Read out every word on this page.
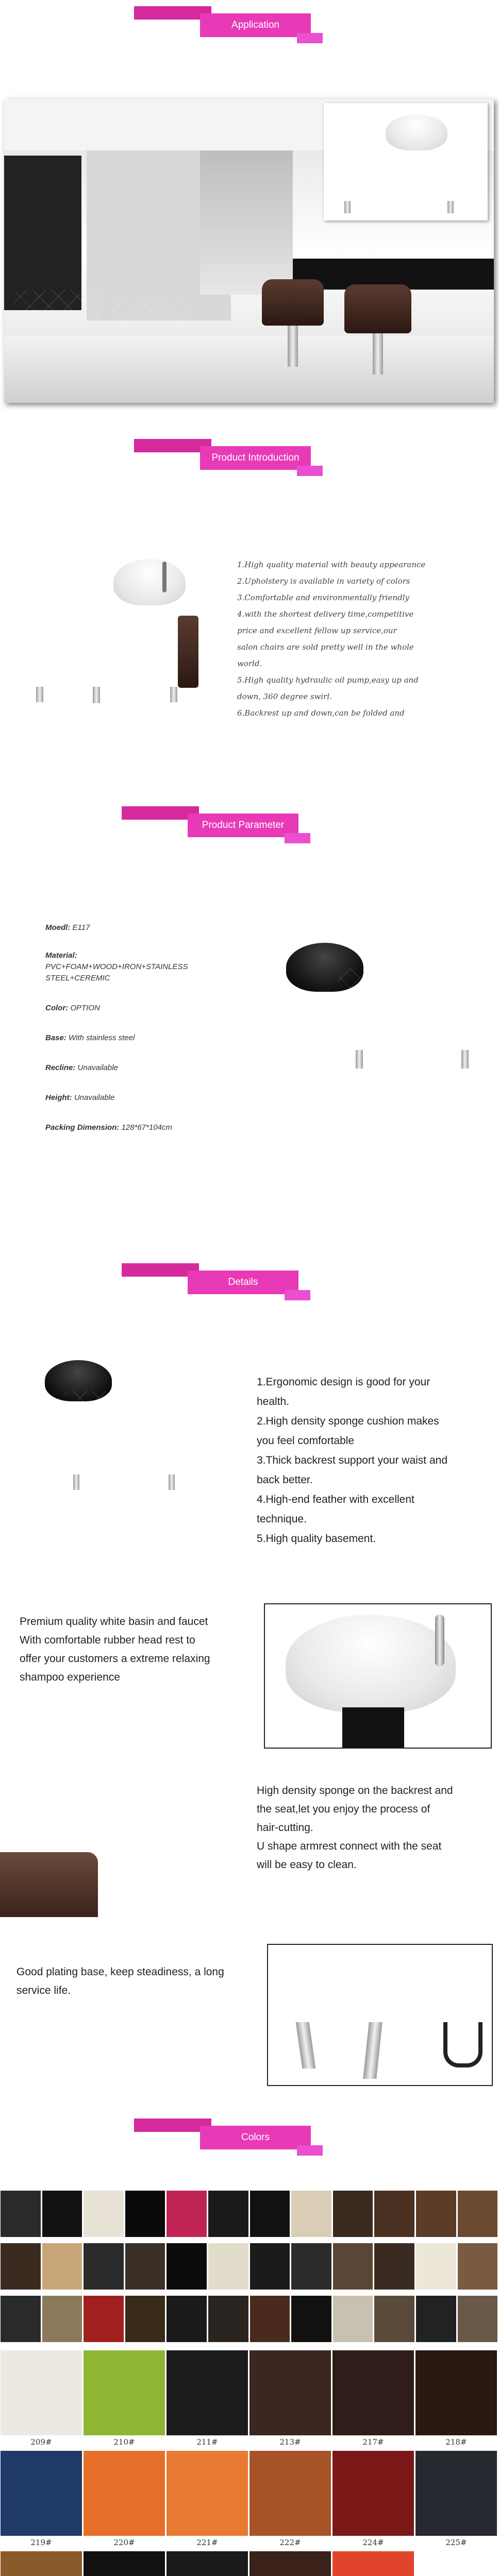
Application
Product Introduction
1.High quality material with beauty appearance
2.Upholstery is available in variety of colors
3.Comfortable and environmentally friendly
4.with the shortest delivery time,competitive
price and excellent fellow up service,our
salon chairs are sold pretty well in the whole
world.
5.High quality hydraulic oil pump,easy up and
down, 360 degree swirl.
6.Backrest up and down,can be folded and
Product Parameter
Moedl: E117
Material:
PVC+FOAM+WOOD+IRON+STAINLESS
STEEL+CEREMIC
Color: OPTION
Base: With stainless steel
Recline: Unavailable
Height: Unavailable
Packing Dimension: 128*67*104cm
Details
1.Ergonomic design is good for your
health.
2.High density sponge cushion makes
you feel comfortable
3.Thick backrest support your waist and
back better.
4.High-end feather with excellent
technique.
5.High quality basement.
Premium quality white basin and faucet
With comfortable rubber head rest to
offer your customers a extreme relaxing
shampoo experience
High density sponge on the backrest and
the seat,let you enjoy the process of
hair-cutting.
U shape armrest connect with the seat
will be easy to clean.
Good plating base, keep steadiness, a long
service life.
Colors
209#	210#	211#	213#	217#	218#
219#	220#	221#	222#	224#	225#
